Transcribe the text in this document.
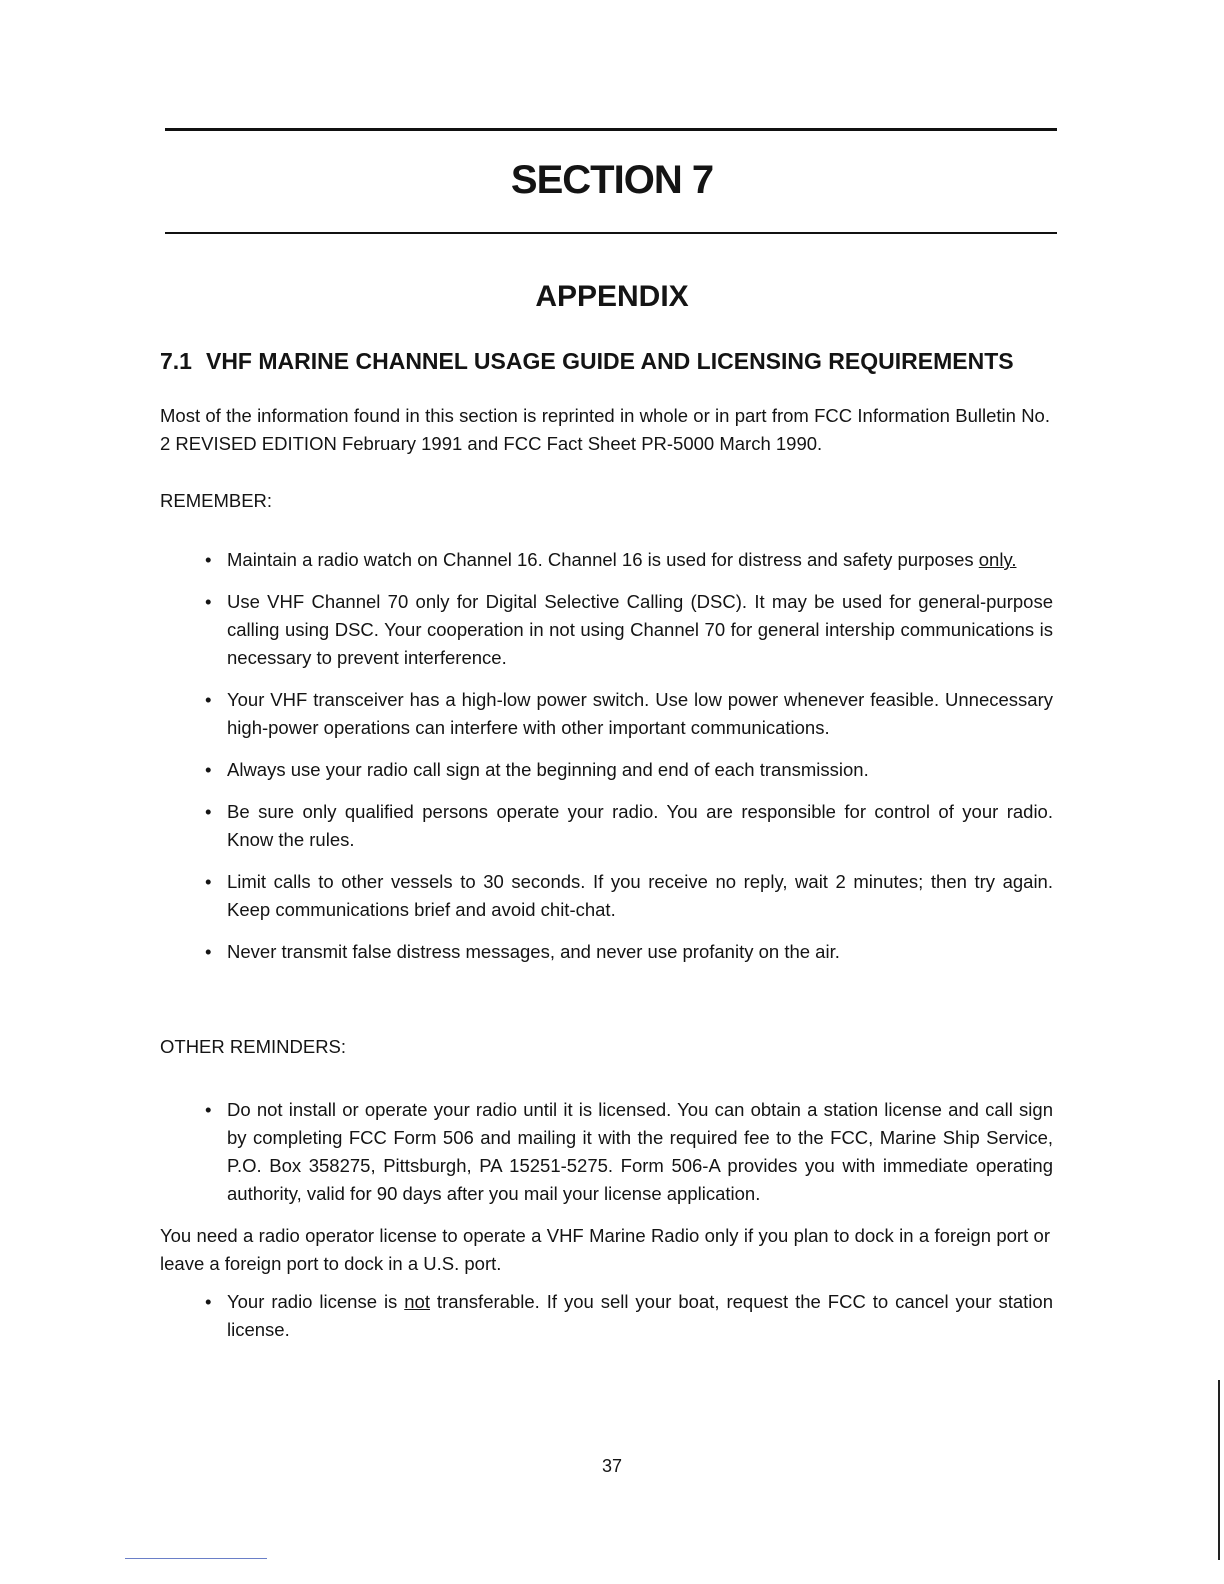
SECTION 7
APPENDIX
7.1 VHF MARINE CHANNEL USAGE GUIDE AND LICENSING REQUIREMENTS
Most of the information found in this section is reprinted in whole or in part from FCC Information Bulletin No. 2 REVISED EDITION February 1991 and FCC Fact Sheet PR-5000 March 1990.
REMEMBER:
• Maintain a radio watch on Channel 16. Channel 16 is used for distress and safety purposes only.
• Use VHF Channel 70 only for Digital Selective Calling (DSC). It may be used for general-purpose calling using DSC. Your cooperation in not using Channel 70 for general intership communications is necessary to prevent interference.
• Your VHF transceiver has a high-low power switch. Use low power whenever feasible. Unnecessary high-power operations can interfere with other important communications.
• Always use your radio call sign at the beginning and end of each transmission.
• Be sure only qualified persons operate your radio. You are responsible for control of your radio. Know the rules.
• Limit calls to other vessels to 30 seconds. If you receive no reply, wait 2 minutes; then try again. Keep communications brief and avoid chit-chat.
• Never transmit false distress messages, and never use profanity on the air.
OTHER REMINDERS:
• Do not install or operate your radio until it is licensed. You can obtain a station license and call sign by completing FCC Form 506 and mailing it with the required fee to the FCC, Marine Ship Service, P.O. Box 358275, Pittsburgh, PA 15251-5275. Form 506-A provides you with immediate operating authority, valid for 90 days after you mail your license application.
You need a radio operator license to operate a VHF Marine Radio only if you plan to dock in a foreign port or leave a foreign port to dock in a U.S. port.
• Your radio license is not transferable. If you sell your boat, request the FCC to cancel your station license.
37
